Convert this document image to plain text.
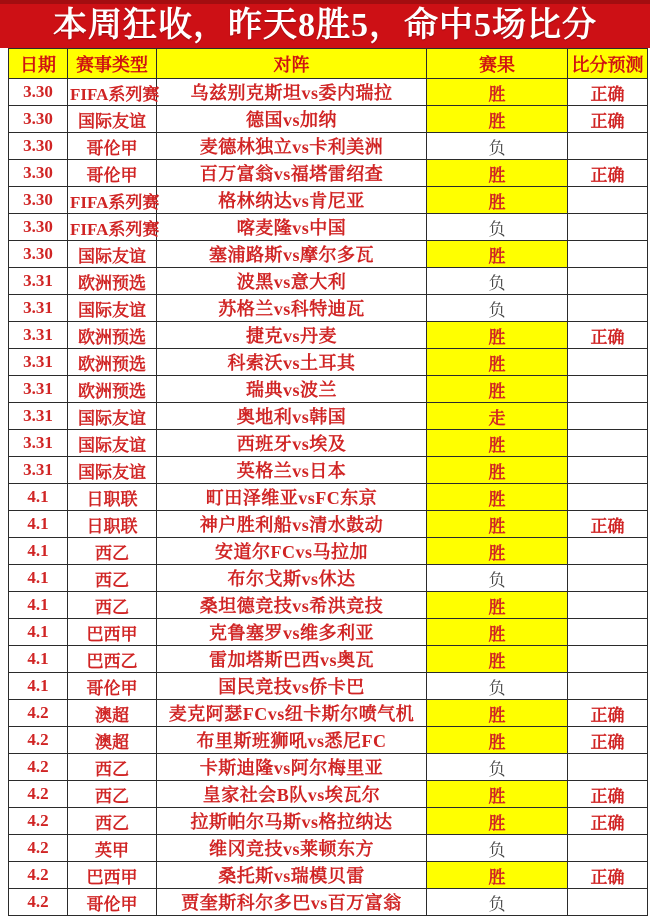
本周狂收，昨天8胜5，命中5场比分
日期	赛事类型	对阵	赛果	比分预测
3.30	FIFA系列赛	乌兹别克斯坦vs委内瑞拉	胜	正确
3.30	国际友谊	德国vs加纳	胜	正确
3.30	哥伦甲	麦德林独立vs卡利美洲	负	
3.30	哥伦甲	百万富翁vs福塔雷绍查	胜	正确
3.30	FIFA系列赛	格林纳达vs肯尼亚	胜	
3.30	FIFA系列赛	喀麦隆vs中国	负	
3.30	国际友谊	塞浦路斯vs摩尔多瓦	胜	
3.31	欧洲预选	波黑vs意大利	负	
3.31	国际友谊	苏格兰vs科特迪瓦	负	
3.31	欧洲预选	捷克vs丹麦	胜	正确
3.31	欧洲预选	科索沃vs土耳其	胜	
3.31	欧洲预选	瑞典vs波兰	胜	
3.31	国际友谊	奥地利vs韩国	走	
3.31	国际友谊	西班牙vs埃及	胜	
3.31	国际友谊	英格兰vs日本	胜	
4.1	日职联	町田泽维亚vsFC东京	胜	
4.1	日职联	神户胜利船vs清水鼓动	胜	正确
4.1	西乙	安道尔FCvs马拉加	胜	
4.1	西乙	布尔戈斯vs休达	负	
4.1	西乙	桑坦德竞技vs希洪竞技	胜	
4.1	巴西甲	克鲁塞罗vs维多利亚	胜	
4.1	巴西乙	雷加塔斯巴西vs奥瓦	胜	
4.1	哥伦甲	国民竞技vs侨卡巴	负	
4.2	澳超	麦克阿瑟FCvs纽卡斯尔喷气机	胜	正确
4.2	澳超	布里斯班狮吼vs悉尼FC	胜	正确
4.2	西乙	卡斯迪隆vs阿尔梅里亚	负	
4.2	西乙	皇家社会B队vs埃瓦尔	胜	正确
4.2	西乙	拉斯帕尔马斯vs格拉纳达	胜	正确
4.2	英甲	维冈竞技vs莱顿东方	负	
4.2	巴西甲	桑托斯vs瑞模贝雷	胜	正确
4.2	哥伦甲	贾奎斯科尔多巴vs百万富翁	负	
